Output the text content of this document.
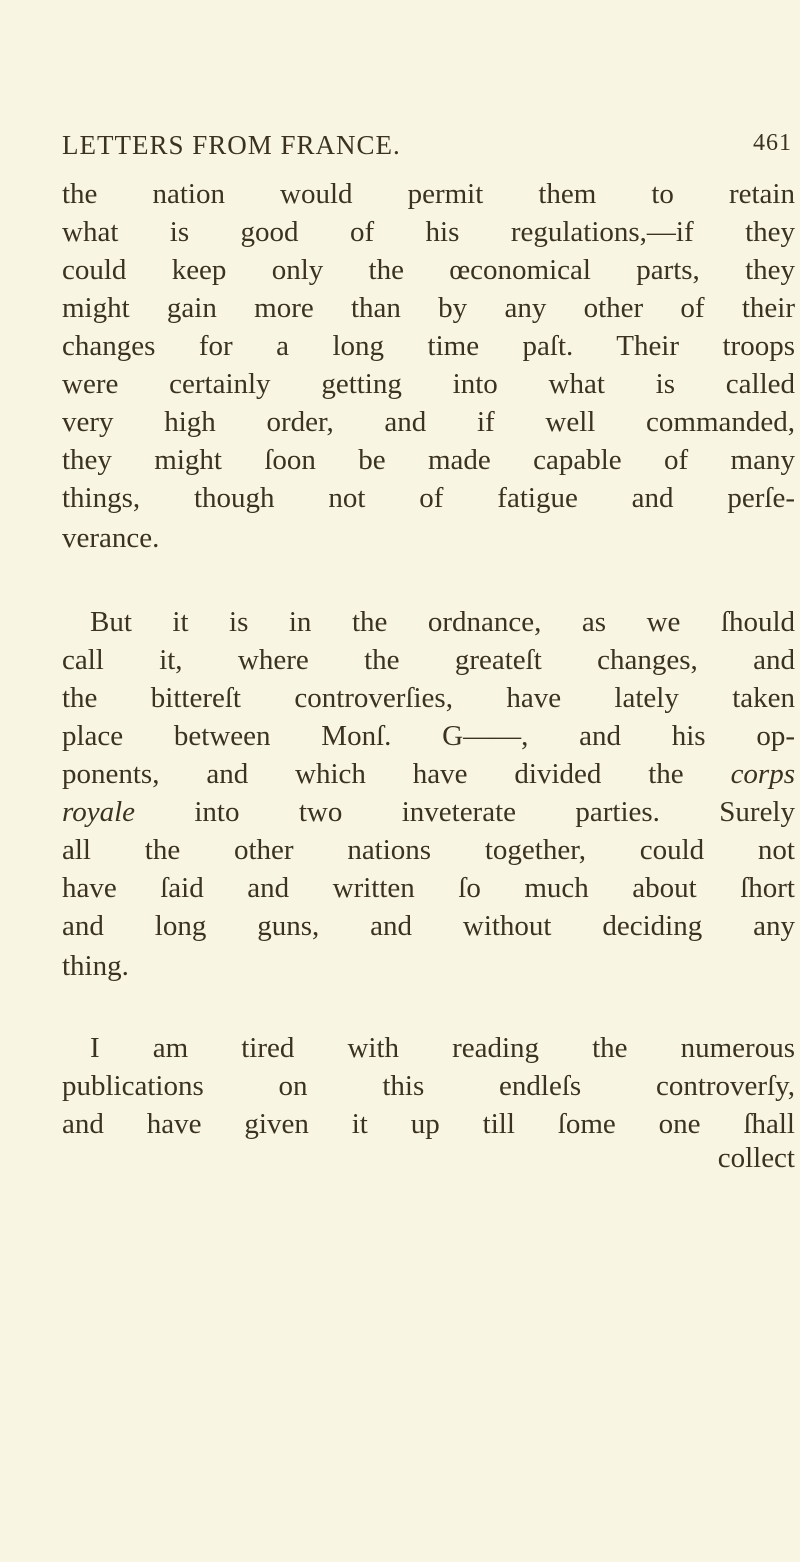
LETTERS FROM FRANCE.	461
the nation would permit them to retain
what is good of his regulations,—if they
could keep only the œconomical parts, they
might gain more than by any other of their
changes for a long time paſt. Their troops
were certainly getting into what is called
very high order, and if well commanded,
they might ſoon be made capable of many
things, though not of fatigue and perſe-
verance.
But it is in the ordnance, as we ſhould
call it, where the greateſt changes, and
the bittereſt controverſies, have lately taken
place between Monſ. G——, and his op-
ponents, and which have divided the corps
royale into two inveterate parties. Surely
all the other nations together, could not
have ſaid and written ſo much about ſhort
and long guns, and without deciding any
thing.
I am tired with reading the numerous
publications on this endleſs controverſy,
and have given it up till ſome one ſhall
collect
